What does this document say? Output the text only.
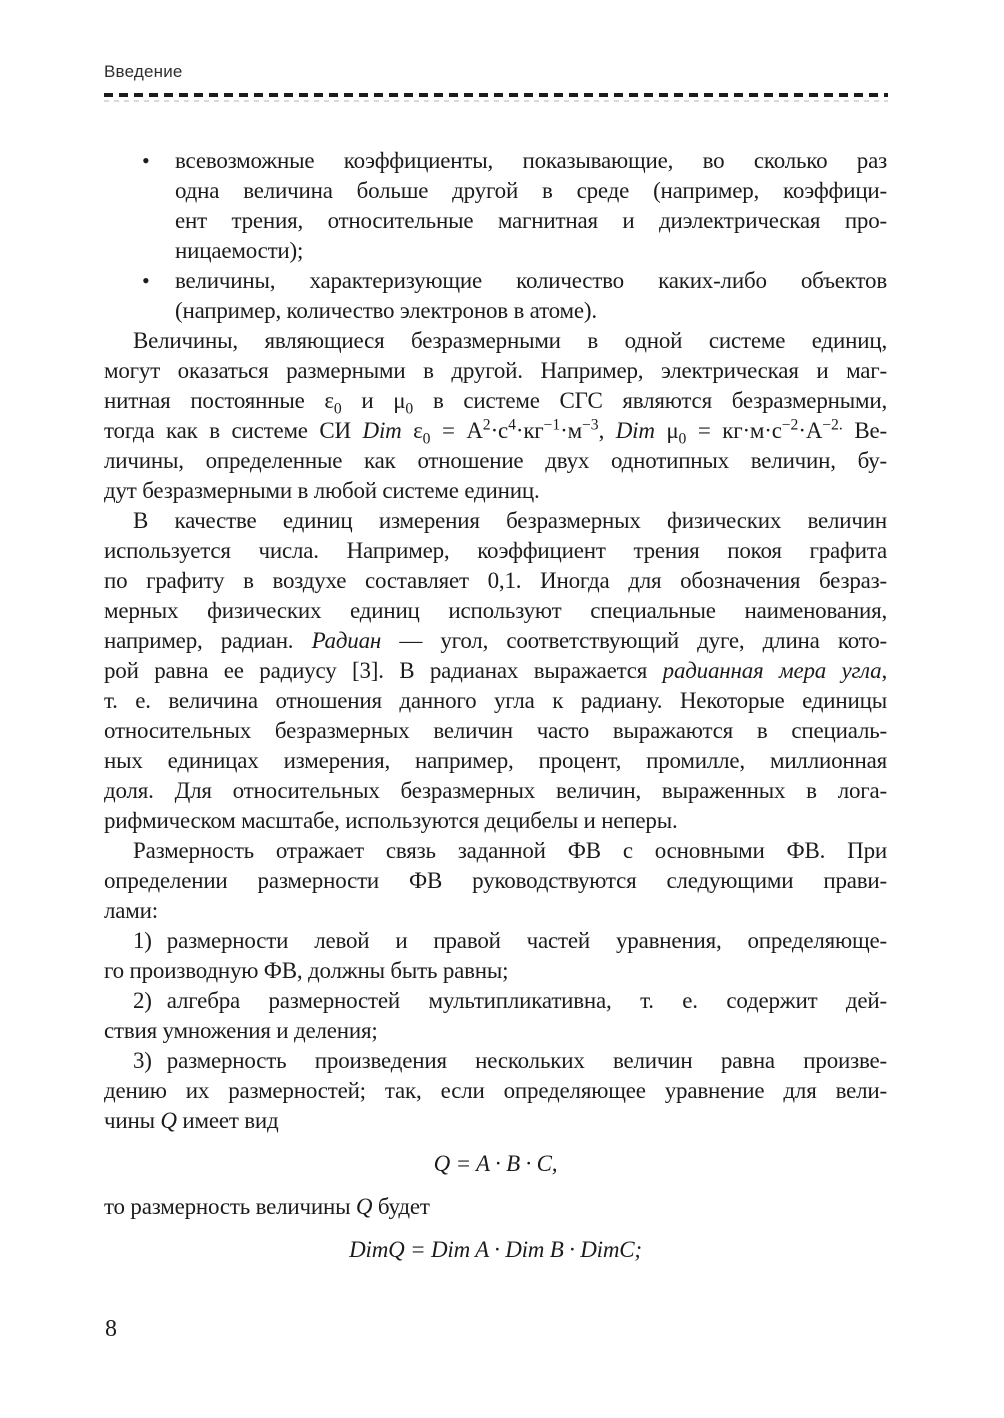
Введение
• всевозможные коэффициенты, показывающие, во сколько раз
одна величина больше другой в среде (например, коэффици-
ент трения, относительные магнитная и диэлектрическая про-
ницаемости);
• величины, характеризующие количество каких-либо объектов
(например, количество электронов в атоме).
Величины, являющиеся безразмерными в одной системе единиц,
могут оказаться размерными в другой. Например, электрическая и маг-
нитная постоянные $\varepsilon_0$ и $\mu_0$ в системе СГС являются безразмерными,
тогда как в системе СИ Dim $\varepsilon_0 = А^2\cdot с^4\cdot кг^{-1}\cdot м^{-3}$, Dim $\mu_0 = кг\cdot м\cdot с^{-2}\cdot А^{-2.}$ Ве-
личины, определенные как отношение двух однотипных величин, бу-
дут безразмерными в любой системе единиц.
В качестве единиц измерения безразмерных физических величин
используется числа. Например, коэффициент трения покоя графита
по графиту в воздухе составляет 0,1. Иногда для обозначения безраз-
мерных физических единиц используют специальные наименования,
например, радиан. Радиан — угол, соответствующий дуге, длина кото-
рой равна ее радиусу [3]. В радианах выражается радианная мера угла,
т. е. величина отношения данного угла к радиану. Некоторые единицы
относительных безразмерных величин часто выражаются в специаль-
ных единицах измерения, например, процент, промилле, миллионная
доля. Для относительных безразмерных величин, выраженных в лога-
рифмическом масштабе, используются децибелы и неперы.
Размерность отражает связь заданной ФВ с основными ФВ. При
определении размерности ФВ руководствуются следующими прави-
лами:
1) размерности левой и правой частей уравнения, определяюще-
го производную ФВ, должны быть равны;
2) алгебра размерностей мультипликативна, т. е. содержит дей-
ствия умножения и деления;
3) размерность произведения нескольких величин равна произве-
дению их размерностей; так, если определяющее уравнение для вели-
чины Q имеет вид
Q = A · B · C,
то размерность величины Q будет
DimQ = Dim A · Dim B · DimC;
8
